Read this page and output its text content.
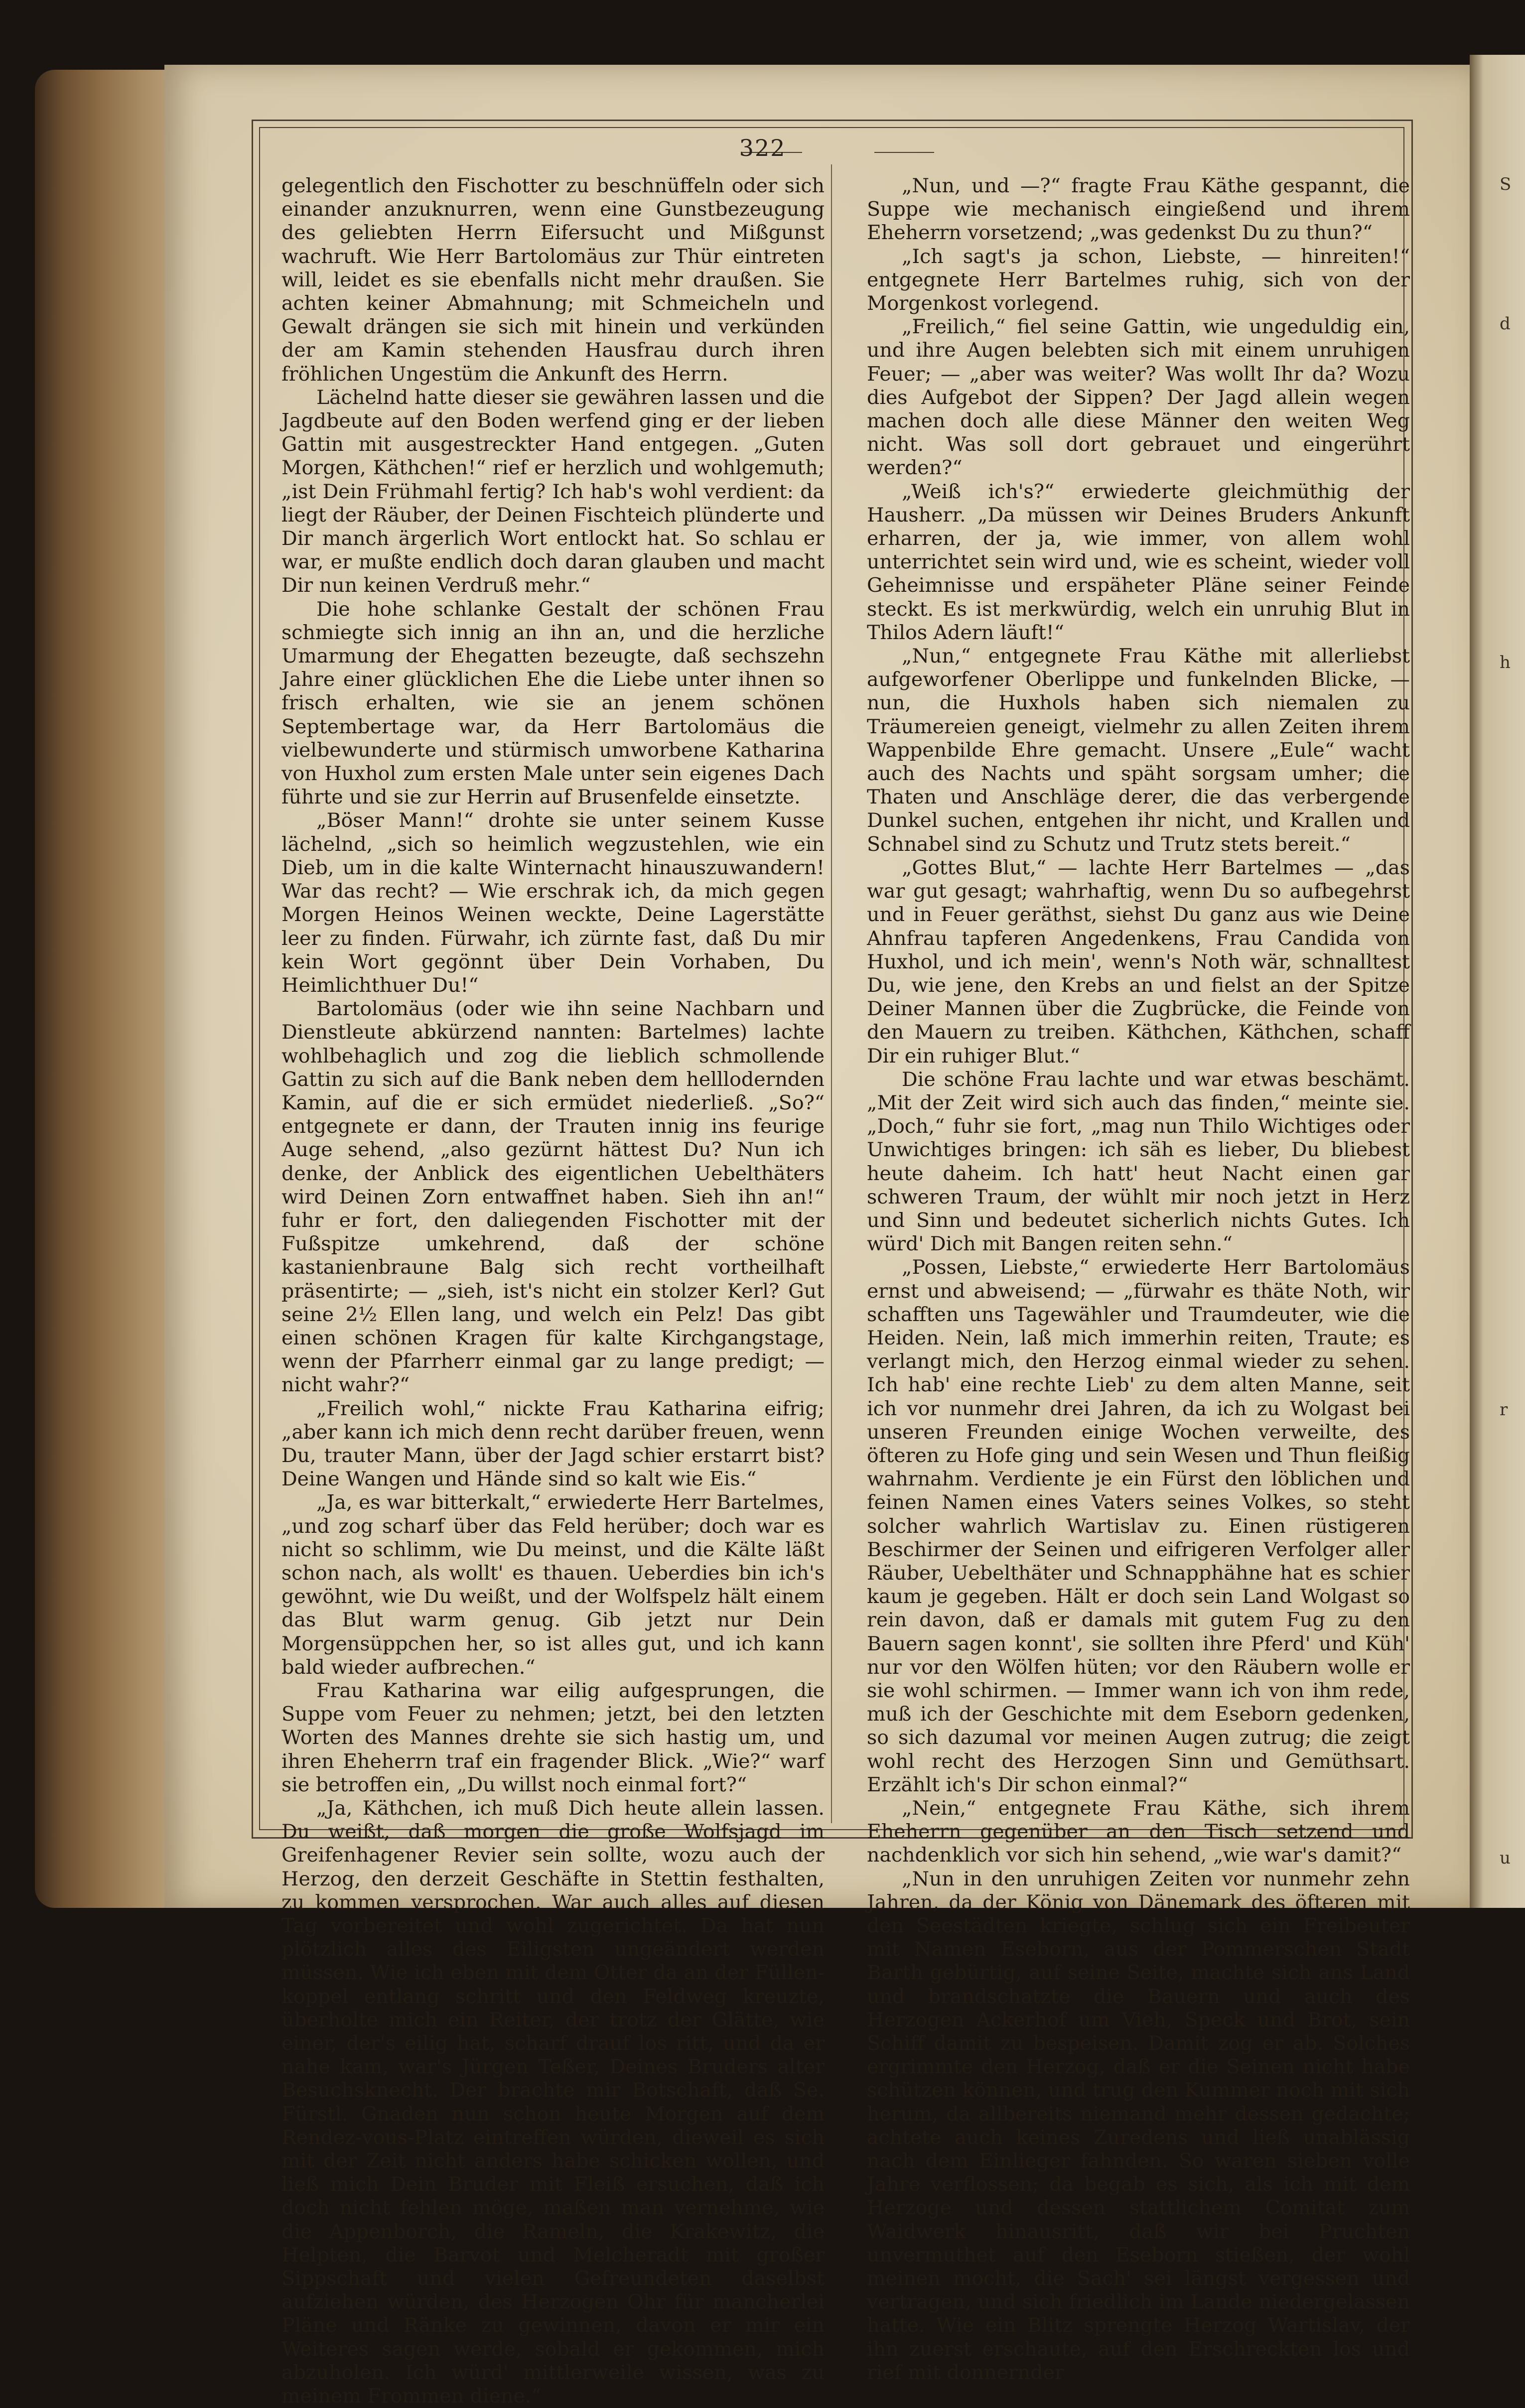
S
d
h
r
u
322

gelegentlich den Fischotter zu beschnüffeln oder sich einander anzuknurren, wenn eine Gunstbezeugung des geliebten Herrn Eifersucht und Mißgunst wachruft. Wie Herr Bartolomäus zur Thür eintreten will, leidet es sie ebenfalls nicht mehr draußen. Sie achten keiner Abmahnung; mit Schmeicheln und Gewalt drängen sie sich mit hinein und verkünden der am Kamin stehenden Hausfrau durch ihren fröhlichen Ungestüm die Ankunft des Herrn.

Lächelnd hatte dieser sie gewähren lassen und die Jagdbeute auf den Boden werfend ging er der lieben Gattin mit ausgestreckter Hand entgegen. „Guten Morgen, Käthchen!“ rief er herzlich und wohlgemuth; „ist Dein Frühmahl fertig? Ich hab's wohl verdient: da liegt der Räuber, der Deinen Fischteich plünderte und Dir manch ärgerlich Wort entlockt hat. So schlau er war, er mußte endlich doch daran glauben und macht Dir nun keinen Verdruß mehr.“

Die hohe schlanke Gestalt der schönen Frau schmiegte sich innig an ihn an, und die herzliche Umarmung der Ehegatten bezeugte, daß sechszehn Jahre einer glücklichen Ehe die Liebe unter ihnen so frisch erhalten, wie sie an jenem schönen Septembertage war, da Herr Bartolomäus die vielbewunderte und stürmisch umworbene Katharina von Huxhol zum ersten Male unter sein eigenes Dach führte und sie zur Herrin auf Brusenfelde einsetzte.

„Böser Mann!“ drohte sie unter seinem Kusse lächelnd, „sich so heimlich wegzustehlen, wie ein Dieb, um in die kalte Winternacht hinauszuwandern! War das recht? — Wie erschrak ich, da mich gegen Morgen Heinos Weinen weckte, Deine Lagerstätte leer zu finden. Fürwahr, ich zürnte fast, daß Du mir kein Wort gegönnt über Dein Vorhaben, Du Heimlichthuer Du!“

Bartolomäus (oder wie ihn seine Nachbarn und Dienstleute abkürzend nannten: Bartelmes) lachte wohlbehaglich und zog die lieblich schmollende Gattin zu sich auf die Bank neben dem helllodernden Kamin, auf die er sich ermüdet niederließ. „So?“ entgegnete er dann, der Trauten innig ins feurige Auge sehend, „also gezürnt hättest Du? Nun ich denke, der Anblick des eigentlichen Uebelthäters wird Deinen Zorn entwaffnet haben. Sieh ihn an!“ fuhr er fort, den daliegenden Fischotter mit der Fußspitze umkehrend, daß der schöne kastanienbraune Balg sich recht vortheilhaft präsentirte; — „sieh, ist's nicht ein stolzer Kerl? Gut seine 2½ Ellen lang, und welch ein Pelz! Das gibt einen schönen Kragen für kalte Kirchgangstage, wenn der Pfarrherr einmal gar zu lange predigt; — nicht wahr?“

„Freilich wohl,“ nickte Frau Katharina eifrig; „aber kann ich mich denn recht darüber freuen, wenn Du, trauter Mann, über der Jagd schier erstarrt bist? Deine Wangen und Hände sind so kalt wie Eis.“

„Ja, es war bitterkalt,“ erwiederte Herr Bartelmes, „und zog scharf über das Feld herüber; doch war es nicht so schlimm, wie Du meinst, und die Kälte läßt schon nach, als wollt' es thauen. Ueberdies bin ich's gewöhnt, wie Du weißt, und der Wolfspelz hält einem das Blut warm genug. Gib jetzt nur Dein Morgensüppchen her, so ist alles gut, und ich kann bald wieder aufbrechen.“

Frau Katharina war eilig aufgesprungen, die Suppe vom Feuer zu nehmen; jetzt, bei den letzten Worten des Mannes drehte sie sich hastig um, und ihren Eheherrn traf ein fragender Blick. „Wie?“ warf sie betroffen ein, „Du willst noch einmal fort?“

„Ja, Käthchen, ich muß Dich heute allein lassen. Du weißt, daß morgen die große Wolfsjagd im Greifenhagener Revier sein sollte, wozu auch der Herzog, den derzeit Geschäfte in Stettin festhalten, zu kommen versprochen. War auch alles auf diesen Tag vorbereitet und wohl zugerichtet. Da hat nun plötzlich alles des Eiligsten ungeändert werden müssen. Wie ich eben mit dem Otter da an der Füllenkoppel entlang schritt und den Feldweg kreuzte, überholte mich ein Reiter, der trotz der Glätte, wie einer, der's eilig hat, scharf drauf los ritt, und da er nahe kam, war's Jürgen Teßer, Deines Bruders alter Besuchsknecht. Der brachte mir Botschaft, daß Se. Fürstl. Gnaden nun schon heute Morgen auf dem Rendez-vous-Platz eintreffen würden, dieweil es sich mit der Zeit nicht anders habe schicken wollen, und ließ mich Dein Bruder mit Fleiß ersuchen, daß ich doch nicht fehlen möge, maßen man vernehme, wie die Appenborch, die Rameln, die Krakewitz, die Helpten, die Barvot und Melcheradt mit großer Sippschaft und vielen Gefreundeten daselbst aufziehen würden, des Herzogen Ohr für mancherlei Pläne und Ränke zu gewinnen, davon er mir ein Weiteres sagen werde, sobald er gekommen, mich abzuholen. Ich würd' mittlerweile wissen, was zu meinem Frommen diene.“

„Nun, und —?“ fragte Frau Käthe gespannt, die Suppe wie mechanisch eingießend und ihrem Eheherrn vorsetzend; „was gedenkst Du zu thun?“

„Ich sagt's ja schon, Liebste, — hinreiten!“ entgegnete Herr Bartelmes ruhig, sich von der Morgenkost vorlegend.

„Freilich,“ fiel seine Gattin, wie ungeduldig ein, und ihre Augen belebten sich mit einem unruhigen Feuer; — „aber was weiter? Was wollt Ihr da? Wozu dies Aufgebot der Sippen? Der Jagd allein wegen machen doch alle diese Männer den weiten Weg nicht. Was soll dort gebrauet und eingerührt werden?“

„Weiß ich's?“ erwiederte gleichmüthig der Hausherr. „Da müssen wir Deines Bruders Ankunft erharren, der ja, wie immer, von allem wohl unterrichtet sein wird und, wie es scheint, wieder voll Geheimnisse und erspäheter Pläne seiner Feinde steckt. Es ist merkwürdig, welch ein unruhig Blut in Thilos Adern läuft!“

„Nun,“ entgegnete Frau Käthe mit allerliebst aufgeworfener Oberlippe und funkelnden Blicke, — nun, die Huxhols haben sich niemalen zu Träumereien geneigt, vielmehr zu allen Zeiten ihrem Wappenbilde Ehre gemacht. Unsere „Eule“ wacht auch des Nachts und späht sorgsam umher; die Thaten und Anschläge derer, die das verbergende Dunkel suchen, entgehen ihr nicht, und Krallen und Schnabel sind zu Schutz und Trutz stets bereit.“

„Gottes Blut,“ — lachte Herr Bartelmes — „das war gut gesagt; wahrhaftig, wenn Du so aufbegehrst und in Feuer geräthst, siehst Du ganz aus wie Deine Ahnfrau tapferen Angedenkens, Frau Candida von Huxhol, und ich mein', wenn's Noth wär, schnalltest Du, wie jene, den Krebs an und fielst an der Spitze Deiner Mannen über die Zugbrücke, die Feinde von den Mauern zu treiben. Käthchen, Käthchen, schaff Dir ein ruhiger Blut.“

Die schöne Frau lachte und war etwas beschämt. „Mit der Zeit wird sich auch das finden,“ meinte sie. „Doch,“ fuhr sie fort, „mag nun Thilo Wichtiges oder Unwichtiges bringen: ich säh es lieber, Du bliebest heute daheim. Ich hatt' heut Nacht einen gar schweren Traum, der wühlt mir noch jetzt in Herz und Sinn und bedeutet sicherlich nichts Gutes. Ich würd' Dich mit Bangen reiten sehn.“

„Possen, Liebste,“ erwiederte Herr Bartolomäus ernst und abweisend; — „fürwahr es thäte Noth, wir schafften uns Tagewähler und Traumdeuter, wie die Heiden. Nein, laß mich immerhin reiten, Traute; es verlangt mich, den Herzog einmal wieder zu sehen. Ich hab' eine rechte Lieb' zu dem alten Manne, seit ich vor nunmehr drei Jahren, da ich zu Wolgast bei unseren Freunden einige Wochen verweilte, des öfteren zu Hofe ging und sein Wesen und Thun fleißig wahrnahm. Verdiente je ein Fürst den löblichen und feinen Namen eines Vaters seines Volkes, so steht solcher wahrlich Wartislav zu. Einen rüstigeren Beschirmer der Seinen und eifrigeren Verfolger aller Räuber, Uebelthäter und Schnapphähne hat es schier kaum je gegeben. Hält er doch sein Land Wolgast so rein davon, daß er damals mit gutem Fug zu den Bauern sagen konnt', sie sollten ihre Pferd' und Küh' nur vor den Wölfen hüten; vor den Räubern wolle er sie wohl schirmen. — Immer wann ich von ihm rede, muß ich der Geschichte mit dem Eseborn gedenken, so sich dazumal vor meinen Augen zutrug; die zeigt wohl recht des Herzogen Sinn und Gemüthsart. Erzählt ich's Dir schon einmal?“

„Nein,“ entgegnete Frau Käthe, sich ihrem Eheherrn gegenüber an den Tisch setzend und nachdenklich vor sich hin sehend, „wie war's damit?“

„Nun in den unruhigen Zeiten vor nunmehr zehn Jahren, da der König von Dänemark des öfteren mit den Seestädten kriegte, schlug sich ein Freibeuter mit Namen Eseborn, aus der Pommerschen Stadt Barth gebürtig, auf seine Seite, machte sich ans Land und brandschatzte die Bauern und auch des Herzogen Ackerhof um Vieh, Speck und Brot, sein Schiff damit zu bespeisen. Damit zog er ab. Solches ergrimmte den Herzog, daß er die Seinen nicht habe schützen können, und trug den Kummer noch mit sich herum, da allbereits niemand mehr dessen gedachte; achtete auch keines Zuredens und ließ unablässig nach dem Einlieger fahnden. So waren sieben volle Jahre verflossen; da begab es sich, als ich mit dem Herzoge und dessen stattlichem Comitat zum Waidwerk hinausritt, daß wir bei Pruchten unvermuthet auf den Eseborn stießen, der wohl meinen mocht, die Sach' sei längst vergessen und vertragen, und sich friedlich im Lande niedergelassen hatte. Wie ein Blitz sprengte Herzog Wartislav, der ihn zuerst erschaute, auf den Erschreckten los und rief mit donnernder
